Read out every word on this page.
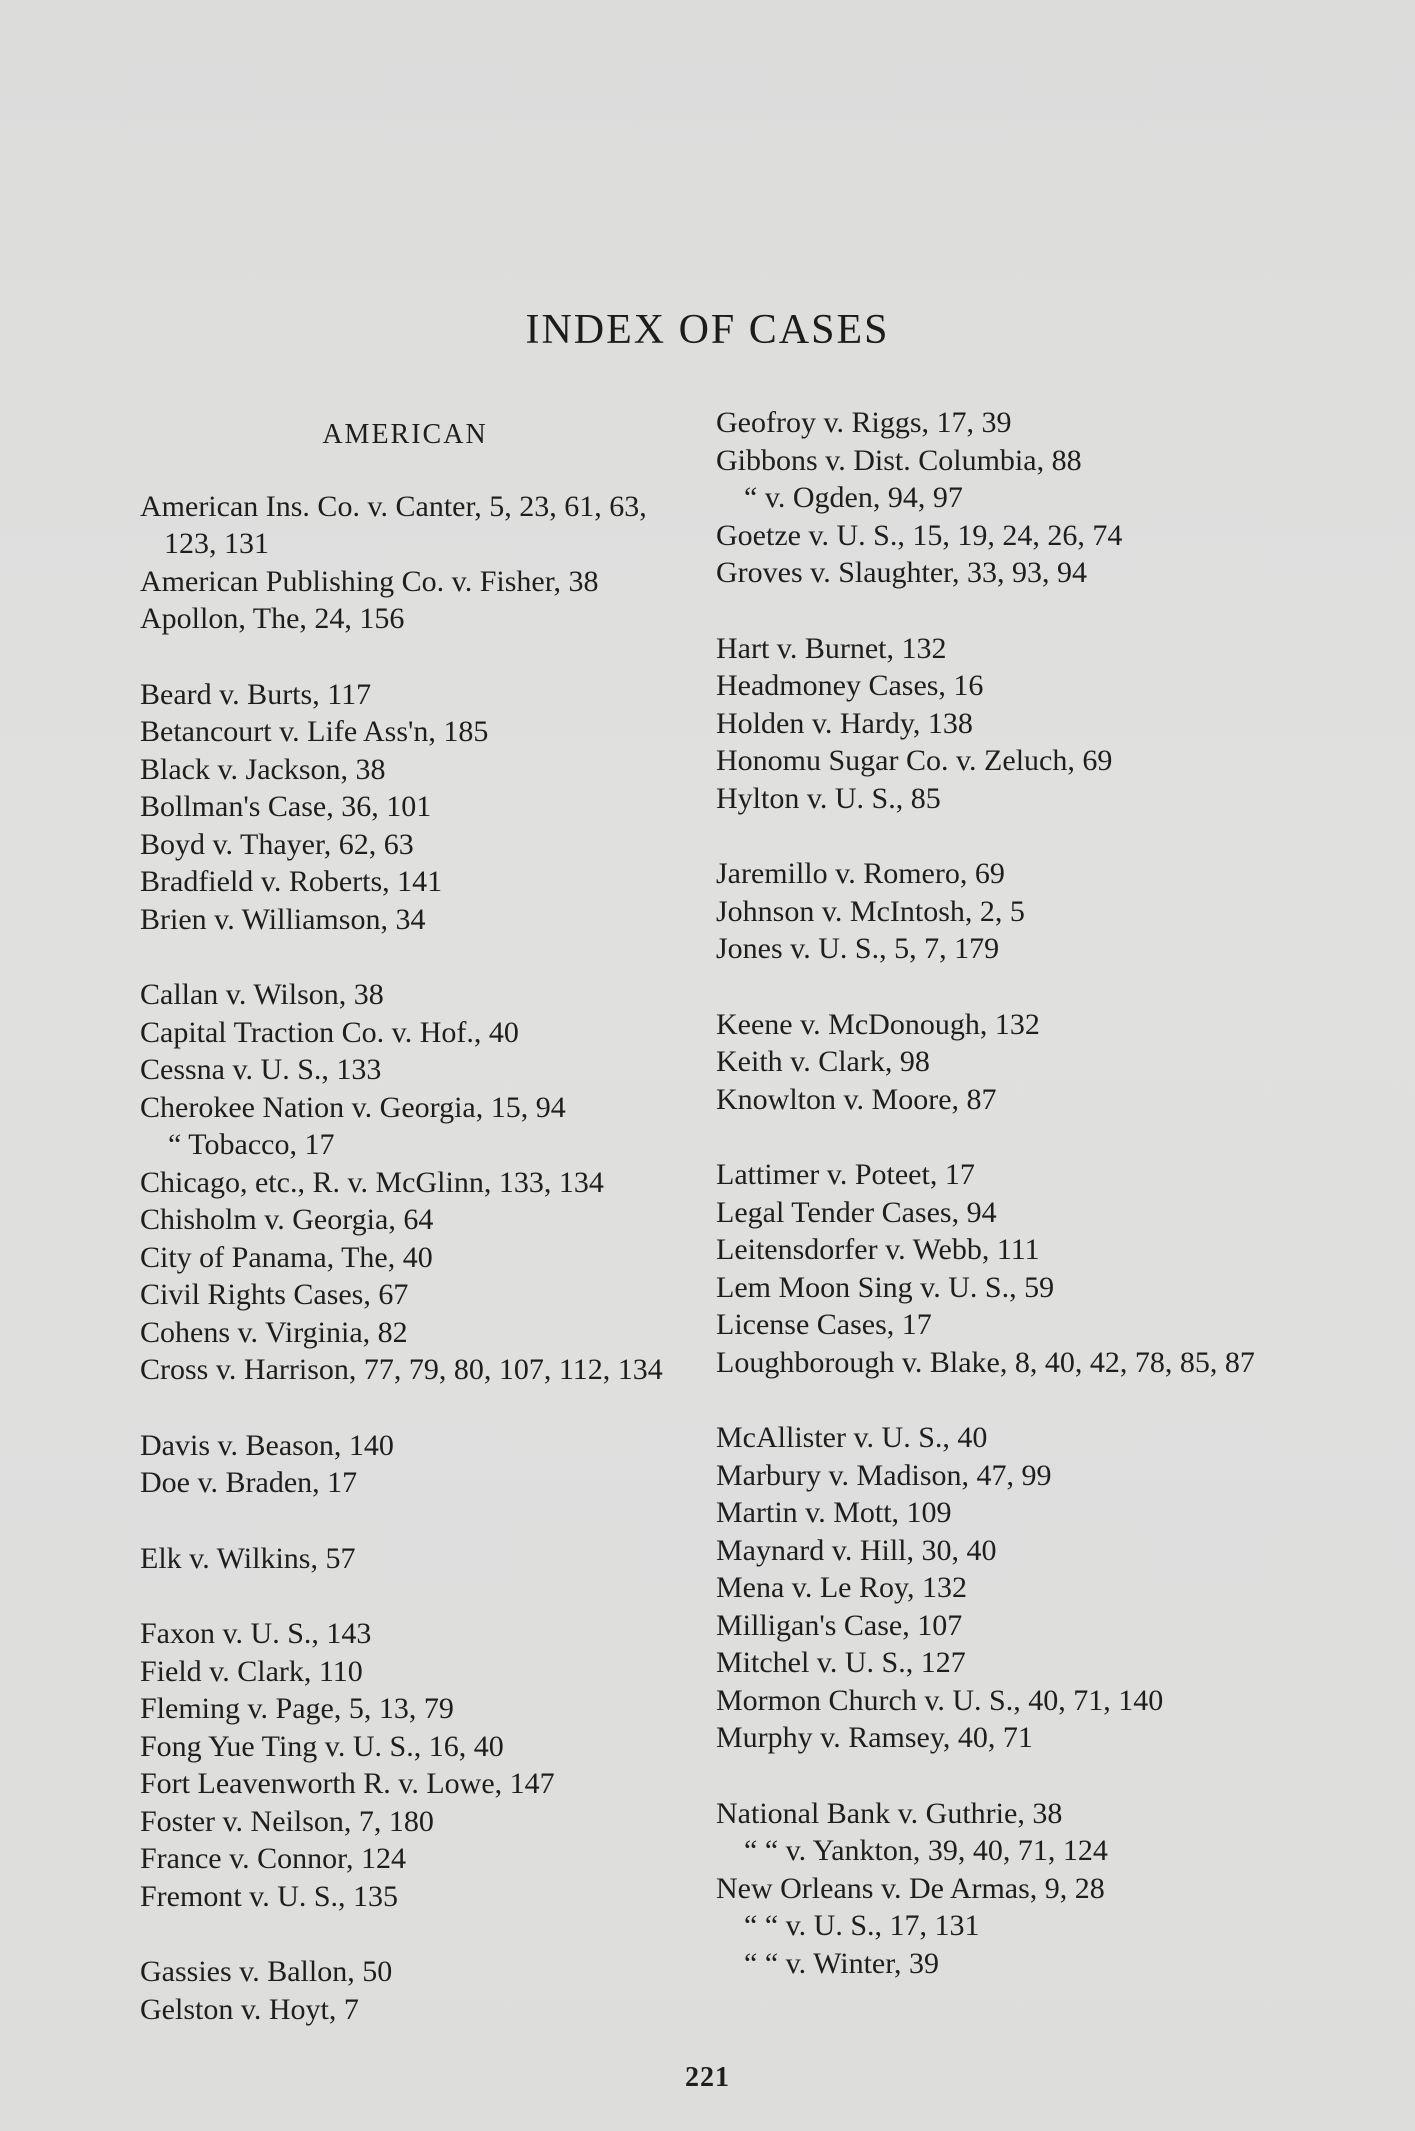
INDEX OF CASES
AMERICAN
American Ins. Co. v. Canter, 5, 23, 61, 63, 123, 131
American Publishing Co. v. Fisher, 38
Apollon, The, 24, 156
Beard v. Burts, 117
Betancourt v. Life Ass'n, 185
Black v. Jackson, 38
Bollman's Case, 36, 101
Boyd v. Thayer, 62, 63
Bradfield v. Roberts, 141
Brien v. Williamson, 34
Callan v. Wilson, 38
Capital Traction Co. v. Hof., 40
Cessna v. U. S., 133
Cherokee Nation v. Georgia, 15, 94
“ Tobacco, 17
Chicago, etc., R. v. McGlinn, 133, 134
Chisholm v. Georgia, 64
City of Panama, The, 40
Civil Rights Cases, 67
Cohens v. Virginia, 82
Cross v. Harrison, 77, 79, 80, 107, 112, 134
Davis v. Beason, 140
Doe v. Braden, 17
Elk v. Wilkins, 57
Faxon v. U. S., 143
Field v. Clark, 110
Fleming v. Page, 5, 13, 79
Fong Yue Ting v. U. S., 16, 40
Fort Leavenworth R. v. Lowe, 147
Foster v. Neilson, 7, 180
France v. Connor, 124
Fremont v. U. S., 135
Gassies v. Ballon, 50
Gelston v. Hoyt, 7
Geofroy v. Riggs, 17, 39
Gibbons v. Dist. Columbia, 88
“ v. Ogden, 94, 97
Goetze v. U. S., 15, 19, 24, 26, 74
Groves v. Slaughter, 33, 93, 94
Hart v. Burnet, 132
Headmoney Cases, 16
Holden v. Hardy, 138
Honomu Sugar Co. v. Zeluch, 69
Hylton v. U. S., 85
Jaremillo v. Romero, 69
Johnson v. McIntosh, 2, 5
Jones v. U. S., 5, 7, 179
Keene v. McDonough, 132
Keith v. Clark, 98
Knowlton v. Moore, 87
Lattimer v. Poteet, 17
Legal Tender Cases, 94
Leitensdorfer v. Webb, 111
Lem Moon Sing v. U. S., 59
License Cases, 17
Loughborough v. Blake, 8, 40, 42, 78, 85, 87
McAllister v. U. S., 40
Marbury v. Madison, 47, 99
Martin v. Mott, 109
Maynard v. Hill, 30, 40
Mena v. Le Roy, 132
Milligan's Case, 107
Mitchel v. U. S., 127
Mormon Church v. U. S., 40, 71, 140
Murphy v. Ramsey, 40, 71
National Bank v. Guthrie, 38
“ “ v. Yankton, 39, 40, 71, 124
New Orleans v. De Armas, 9, 28
“ “ v. U. S., 17, 131
“ “ v. Winter, 39
221
